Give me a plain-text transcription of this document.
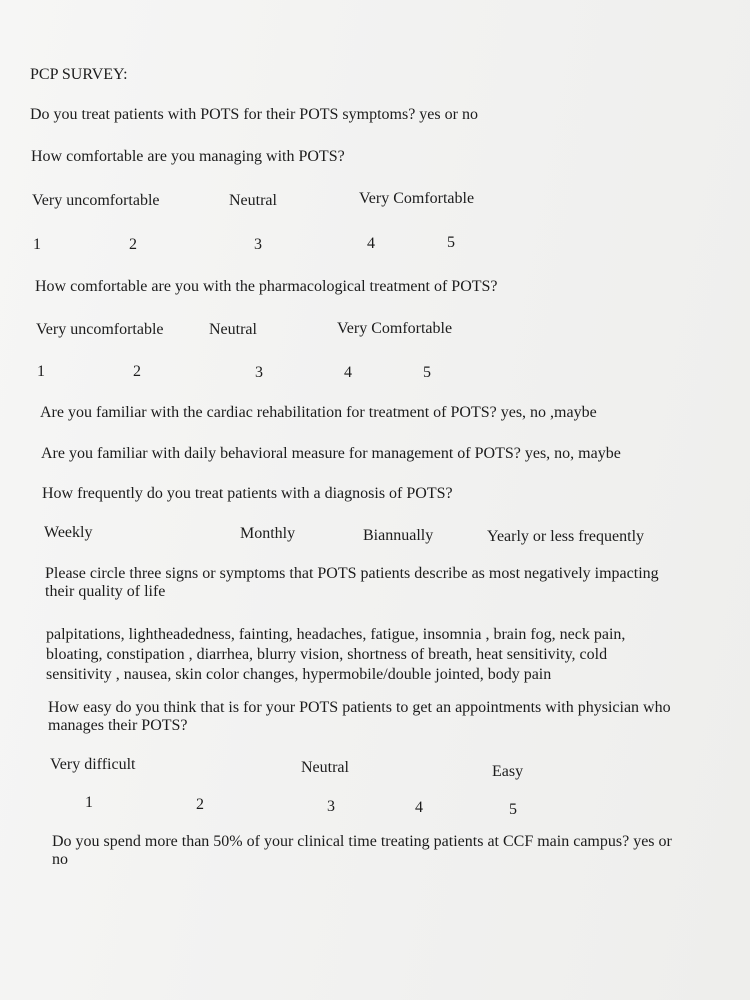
PCP SURVEY:
Do you treat patients with POTS for their POTS symptoms? yes or no
How comfortable are you managing with POTS?
Very uncomfortable	Neutral	Very Comfortable
1	2	3	4	5
How comfortable are you with the pharmacological treatment of POTS?
Very uncomfortable	Neutral	Very Comfortable
1	2	3	4	5
Are you familiar with the cardiac rehabilitation for treatment of POTS? yes, no ,maybe
Are you familiar with daily behavioral measure for management of POTS? yes, no, maybe
How frequently do you treat patients with a diagnosis of POTS?
Weekly	Monthly	Biannually	Yearly or less frequently
Please circle three signs or symptoms that POTS patients describe as most negatively impacting
their quality of life
palpitations, lightheadedness, fainting, headaches, fatigue, insomnia , brain fog, neck pain,
bloating, constipation , diarrhea, blurry vision, shortness of breath, heat sensitivity, cold
sensitivity , nausea, skin color changes, hypermobile/double jointed, body pain
How easy do you think that is for your POTS patients to get an appointments with physician who
manages their POTS?
Very difficult	Neutral	Easy
1	2	3	4	5
Do you spend more than 50% of your clinical time treating patients at CCF main campus? yes or
no
